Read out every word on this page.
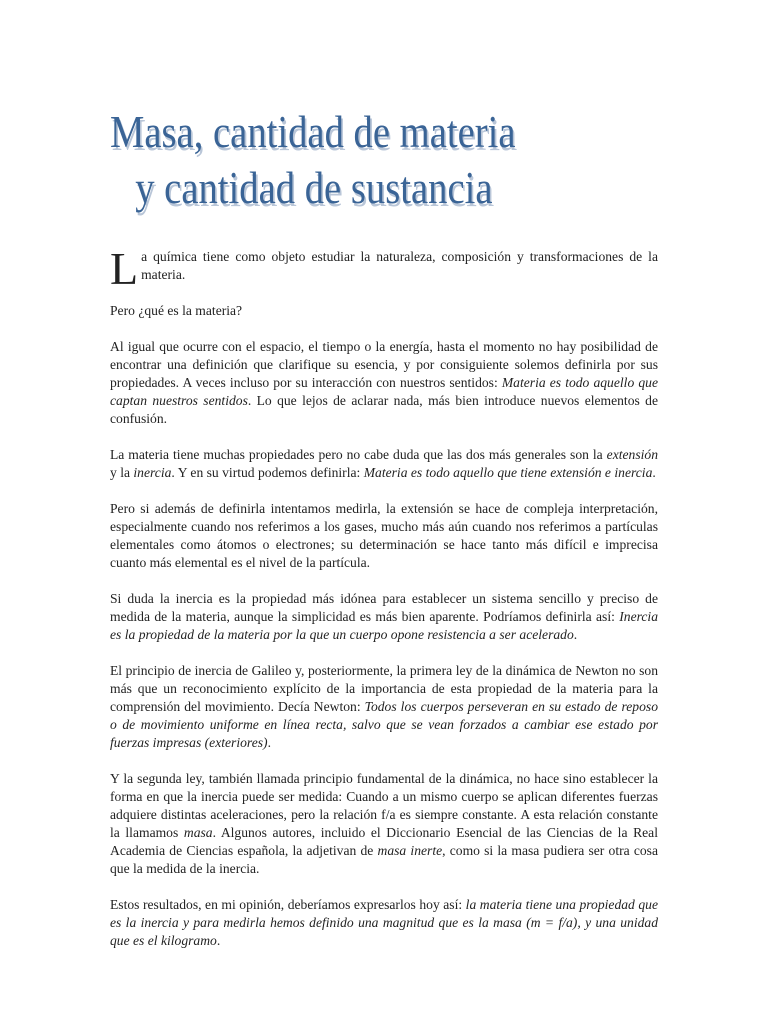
Masa, cantidad de materia
y cantidad de sustancia

La química tiene como objeto estudiar la naturaleza, composición y transformaciones de la materia.

Pero ¿qué es la materia?

Al igual que ocurre con el espacio, el tiempo o la energía, hasta el momento no hay posibilidad de encontrar una definición que clarifique su esencia, y por consiguiente solemos definirla por sus propiedades. A veces incluso por su interacción con nuestros sentidos: Materia es todo aquello que captan nuestros sentidos. Lo que lejos de aclarar nada, más bien introduce nuevos elementos de confusión.

La materia tiene muchas propiedades pero no cabe duda que las dos más generales son la extensión y la inercia. Y en su virtud podemos definirla: Materia es todo aquello que tiene extensión e inercia.

Pero si además de definirla intentamos medirla, la extensión se hace de compleja interpretación, especialmente cuando nos referimos a los gases, mucho más aún cuando nos referimos a partículas elementales como átomos o electrones; su determinación se hace tanto más difícil e imprecisa cuanto más elemental es el nivel de la partícula.

Si duda la inercia es la propiedad más idónea para establecer un sistema sencillo y preciso de medida de la materia, aunque la simplicidad es más bien aparente. Podríamos definirla así: Inercia es la propiedad de la materia por la que un cuerpo opone resistencia a ser acelerado.

El principio de inercia de Galileo y, posteriormente, la primera ley de la dinámica de Newton no son más que un reconocimiento explícito de la importancia de esta propiedad de la materia para la comprensión del movimiento. Decía Newton: Todos los cuerpos perseveran en su estado de reposo o de movimiento uniforme en línea recta, salvo que se vean forzados a cambiar ese estado por fuerzas impresas (exteriores).

Y la segunda ley, también llamada principio fundamental de la dinámica, no hace sino establecer la forma en que la inercia puede ser medida: Cuando a un mismo cuerpo se aplican diferentes fuerzas adquiere distintas aceleraciones, pero la relación f/a es siempre constante. A esta relación constante la llamamos masa. Algunos autores, incluido el Diccionario Esencial de las Ciencias de la Real Academia de Ciencias española, la adjetivan de masa inerte, como si la masa pudiera ser otra cosa que la medida de la inercia.

Estos resultados, en mi opinión, deberíamos expresarlos hoy así: la materia tiene una propiedad que es la inercia y para medirla hemos definido una magnitud que es la masa (m = f/a), y una unidad que es el kilogramo.
